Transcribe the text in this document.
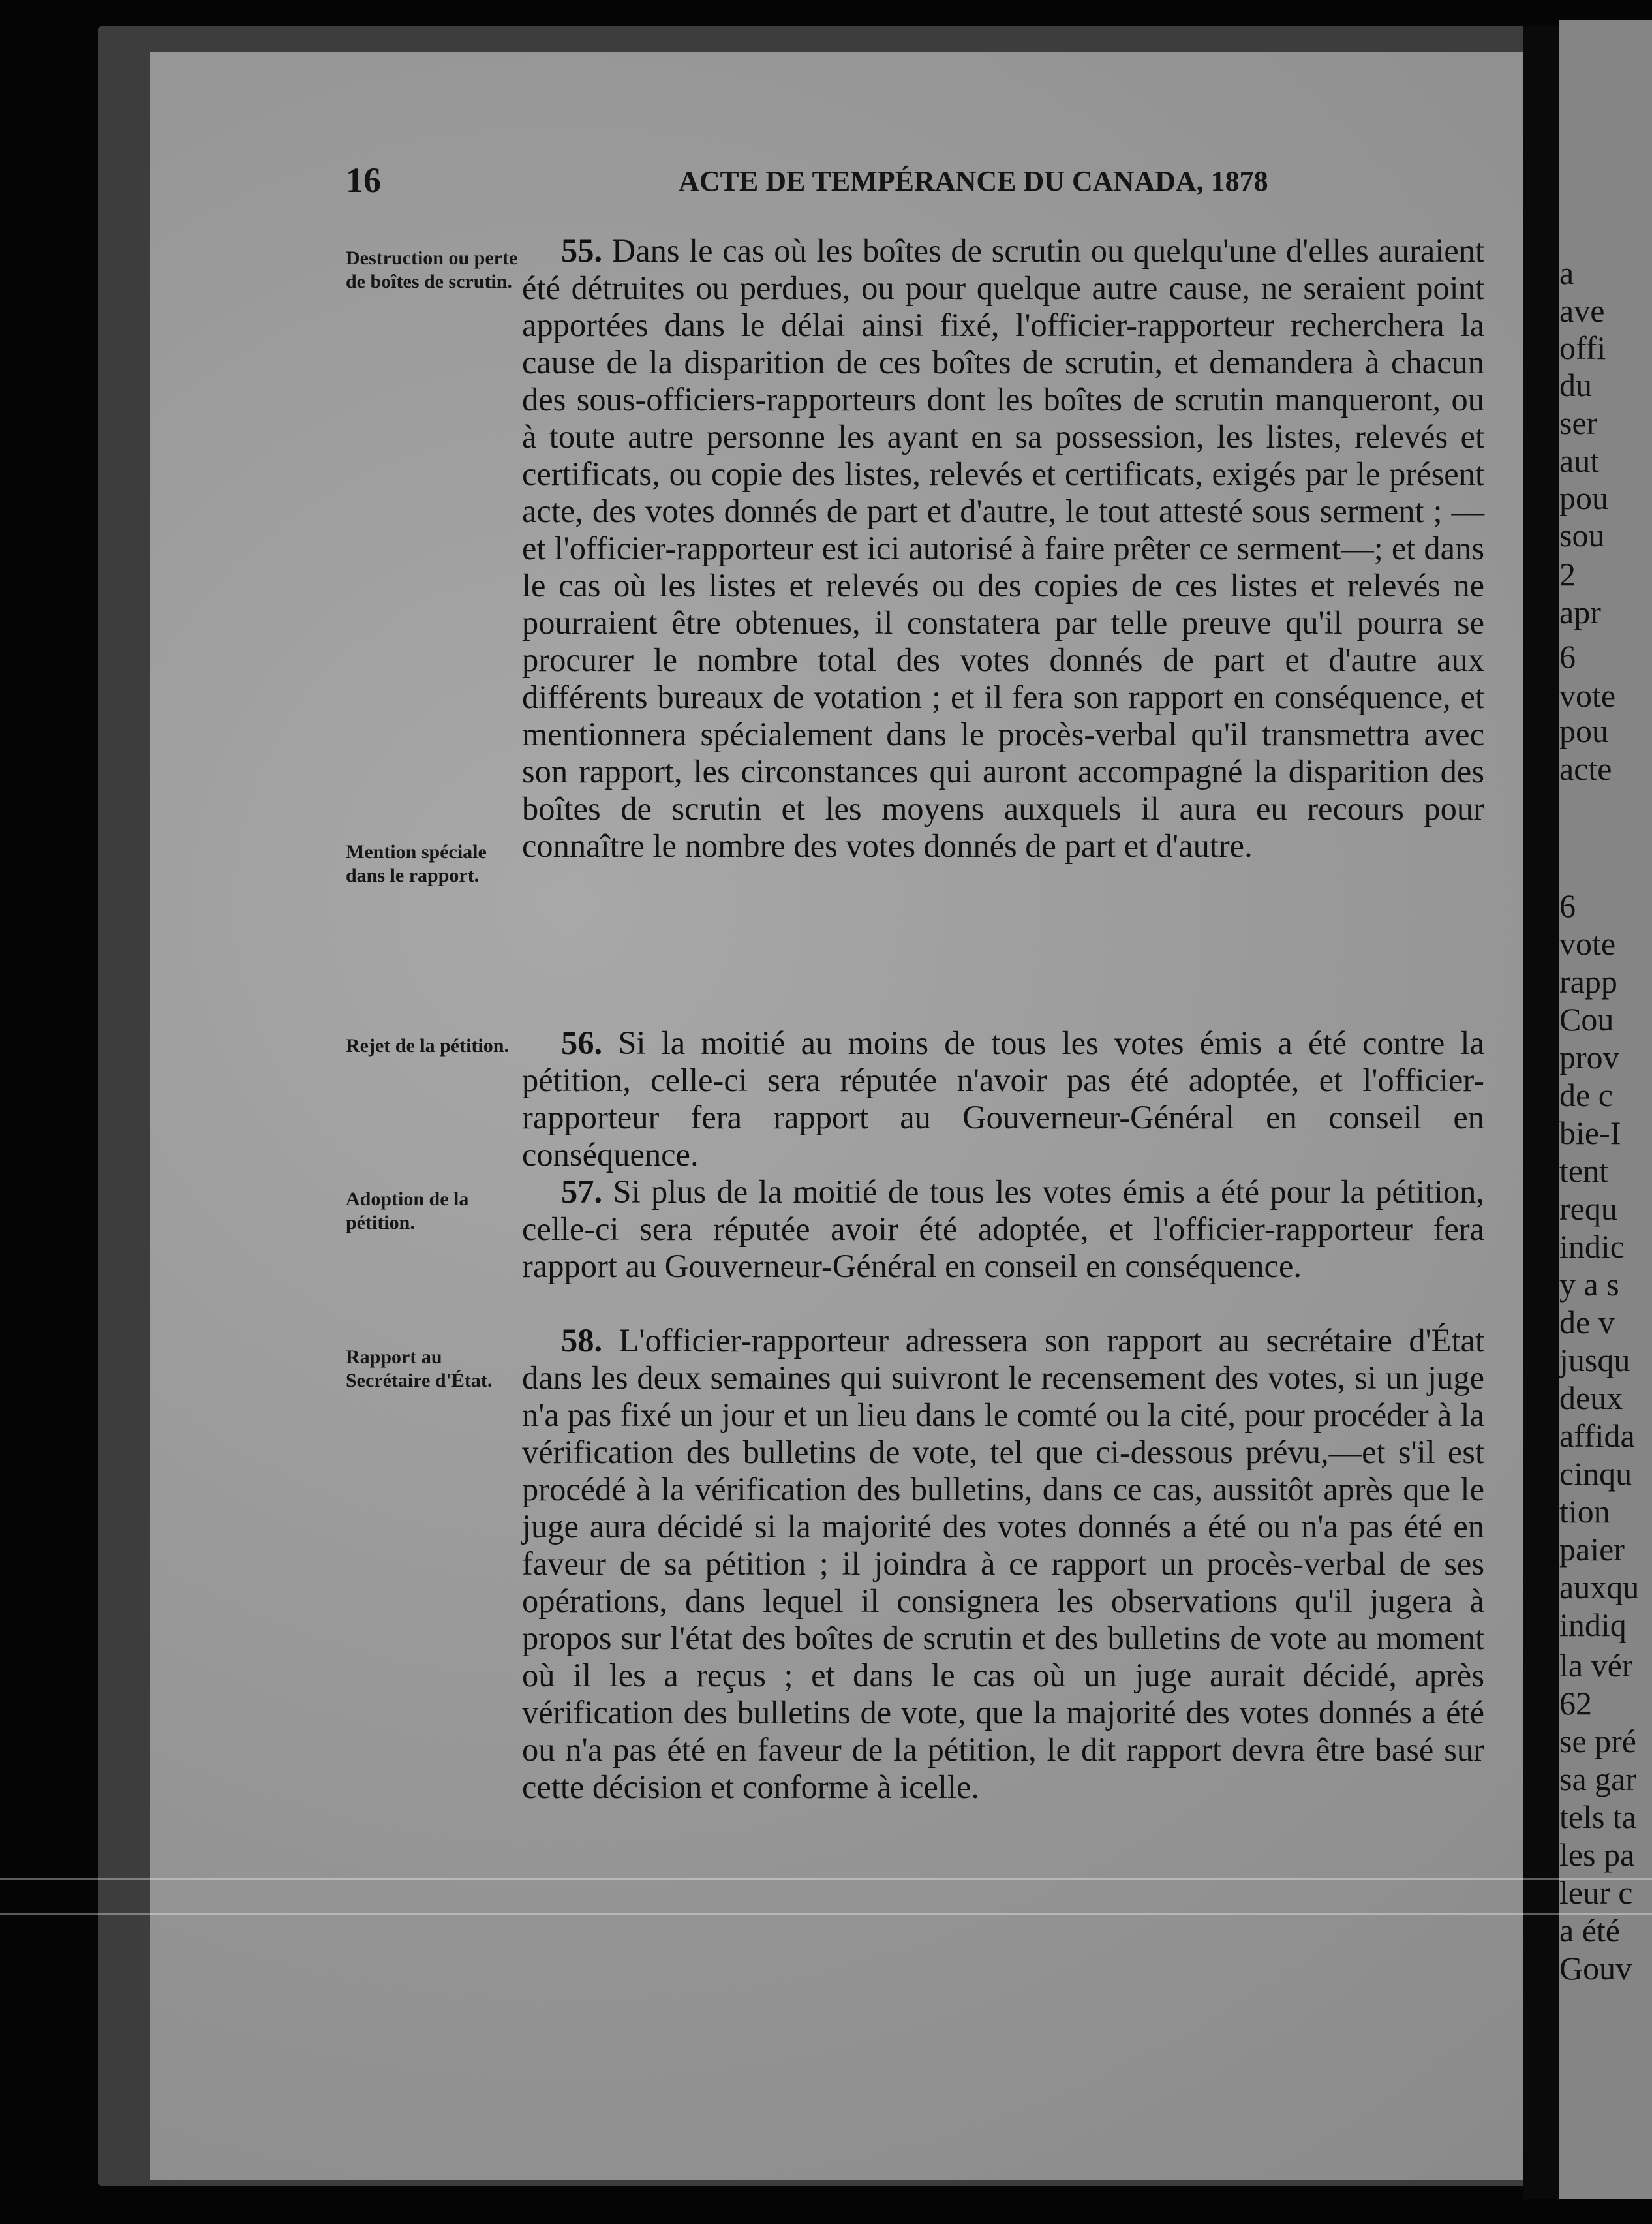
a
ave
offi
du
ser
aut
pou
sou
2
apr
6
vote
pou
acte
6
vote
rapp
Cou
prov
de c
bie-I
tent
requ
indic
y a s
de v
jusqu
deux
affida
cinqu
tion
paier
auxqu
indiq
la vér
62
se pré
sa gar
tels ta
les pa
leur c
a été
Gouv
16	ACTE DE TEMPÉRANCE DU CANADA, 1878
Destruction ou perte de boîtes de scrutin.
Mention spéciale dans le rapport.
Rejet de la pétition.
Adoption de la pétition.
Rapport au Secrétaire d'État.

55. Dans le cas où les boîtes de scrutin ou quelqu'une d'elles auraient été détruites ou perdues, ou pour quelque autre cause, ne seraient point apportées dans le délai ainsi fixé, l'officier-rapporteur recherchera la cause de la disparition de ces boîtes de scrutin, et demandera à chacun des sous-officiers-rapporteurs dont les boîtes de scrutin manqueront, ou à toute autre personne les ayant en sa possession, les listes, relevés et certificats, ou copie des listes, relevés et certificats, exigés par le présent acte, des votes donnés de part et d'autre, le tout attesté sous serment ; —et l'officier-rapporteur est ici autorisé à faire prêter ce serment—; et dans le cas où les listes et relevés ou des copies de ces listes et relevés ne pourraient être obtenues, il constatera par telle preuve qu'il pourra se procurer le nombre total des votes donnés de part et d'autre aux différents bureaux de votation ; et il fera son rapport en conséquence, et mentionnera spécialement dans le procès-verbal qu'il transmettra avec son rapport, les circonstances qui auront accompagné la disparition des boîtes de scrutin et les moyens auxquels il aura eu recours pour connaître le nombre des votes donnés de part et d'autre.

56. Si la moitié au moins de tous les votes émis a été contre la pétition, celle-ci sera réputée n'avoir pas été adoptée, et l'officier-rapporteur fera rapport au Gouverneur-Général en conseil en conséquence.

57. Si plus de la moitié de tous les votes émis a été pour la pétition, celle-ci sera réputée avoir été adoptée, et l'officier-rapporteur fera rapport au Gouverneur-Général en conseil en conséquence.

58. L'officier-rapporteur adressera son rapport au secrétaire d'État dans les deux semaines qui suivront le recensement des votes, si un juge n'a pas fixé un jour et un lieu dans le comté ou la cité, pour procéder à la vérification des bulletins de vote, tel que ci-dessous prévu,—et s'il est procédé à la vérification des bulletins, dans ce cas, aussitôt après que le juge aura décidé si la majorité des votes donnés a été ou n'a pas été en faveur de sa pétition ; il joindra à ce rapport un procès-verbal de ses opérations, dans lequel il consignera les observations qu'il jugera à propos sur l'état des boîtes de scrutin et des bulletins de vote au moment où il les a reçus ; et dans le cas où un juge aurait décidé, après vérification des bulletins de vote, que la majorité des votes donnés a été ou n'a pas été en faveur de la pétition, le dit rapport devra être basé sur cette décision et conforme à icelle.
